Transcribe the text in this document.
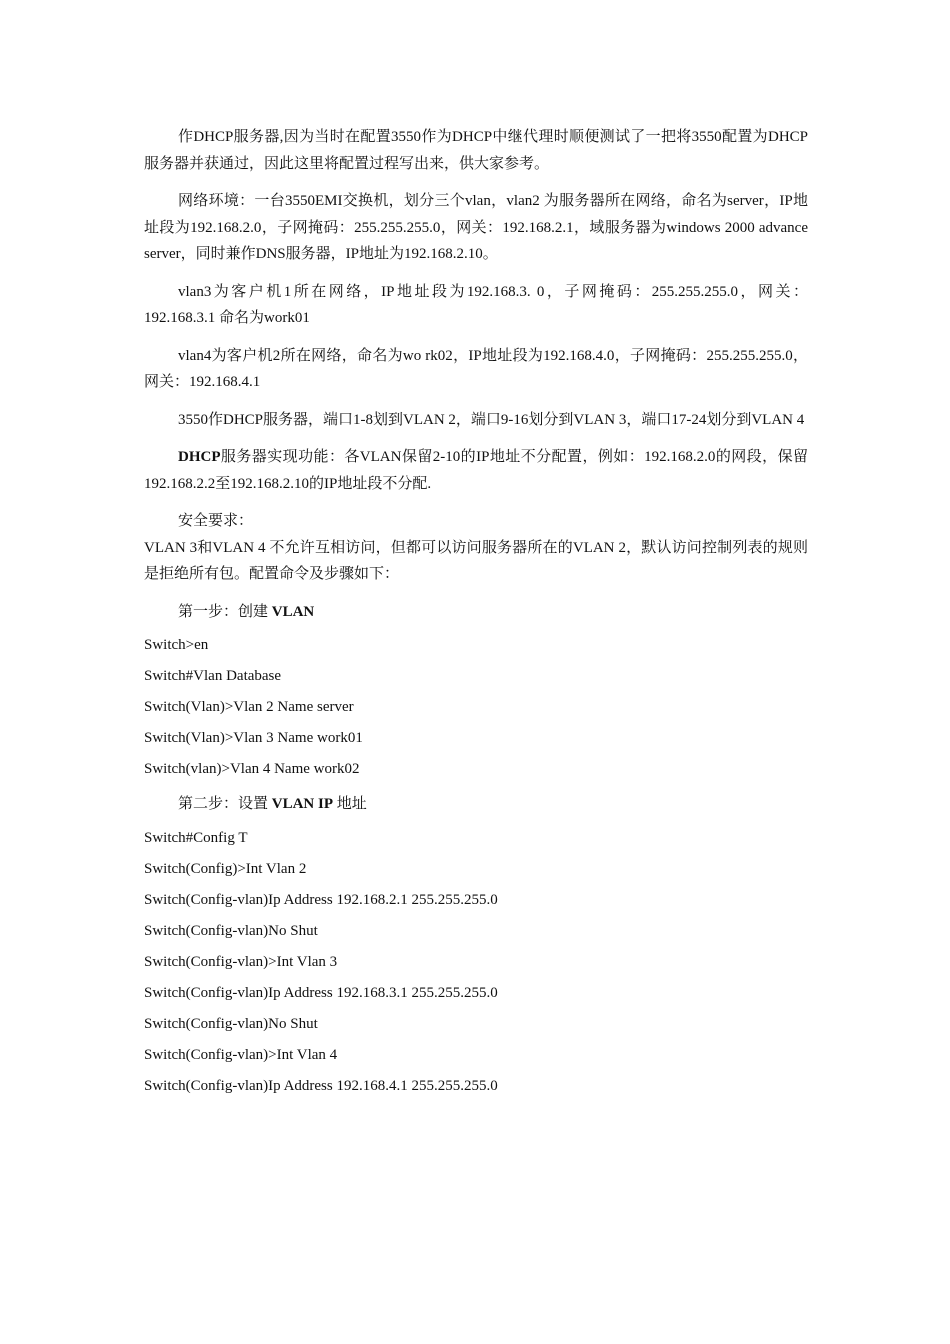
作DHCP服务器,因为当时在配置3550作为DHCP中继代理时顺便测试了一把将3550配置为DHCP服务器并获通过，因此这里将配置过程写出来，供大家参考。

网络环境：一台3550EMI交换机，划分三个vlan，vlan2 为服务器所在网络，命名为server，IP地址段为192.168.2.0，子网掩码：255.255.255.0，网关：192.168.2.1，域服务器为windows 2000 advance server，同时兼作DNS服务器，IP地址为192.168.2.10。

vlan3为客户机1所在网络，IP地址段为192.168.3. 0，子网掩码：255.255.255.0，网关：192.168.3.1 命名为work01

vlan4为客户机2所在网络，命名为wo rk02，IP地址段为192.168.4.0，子网掩码：255.255.255.0，网关：192.168.4.1

3550作DHCP服务器，端口1-8划到VLAN 2，端口9-16划分到VLAN 3，端口17-24划分到VLAN 4

DHCP服务器实现功能：各VLAN保留2-10的IP地址不分配置，例如：192.168.2.0的网段，保留192.168.2.2至192.168.2.10的IP地址段不分配.

安全要求：

VLAN 3和VLAN 4 不允许互相访问，但都可以访问服务器所在的VLAN 2，默认访问控制列表的规则是拒绝所有包。配置命令及步骤如下：

第一步：创建 VLAN

Switch>en

Switch#Vlan Database

Switch(Vlan)>Vlan 2 Name server

Switch(Vlan)>Vlan 3 Name work01

Switch(vlan)>Vlan 4 Name work02

第二步：设置 VLAN IP 地址

Switch#Config T

Switch(Config)>Int Vlan 2

Switch(Config-vlan)Ip Address 192.168.2.1 255.255.255.0

Switch(Config-vlan)No Shut

Switch(Config-vlan)>Int Vlan 3

Switch(Config-vlan)Ip Address 192.168.3.1 255.255.255.0

Switch(Config-vlan)No Shut

Switch(Config-vlan)>Int Vlan 4

Switch(Config-vlan)Ip Address 192.168.4.1 255.255.255.0
